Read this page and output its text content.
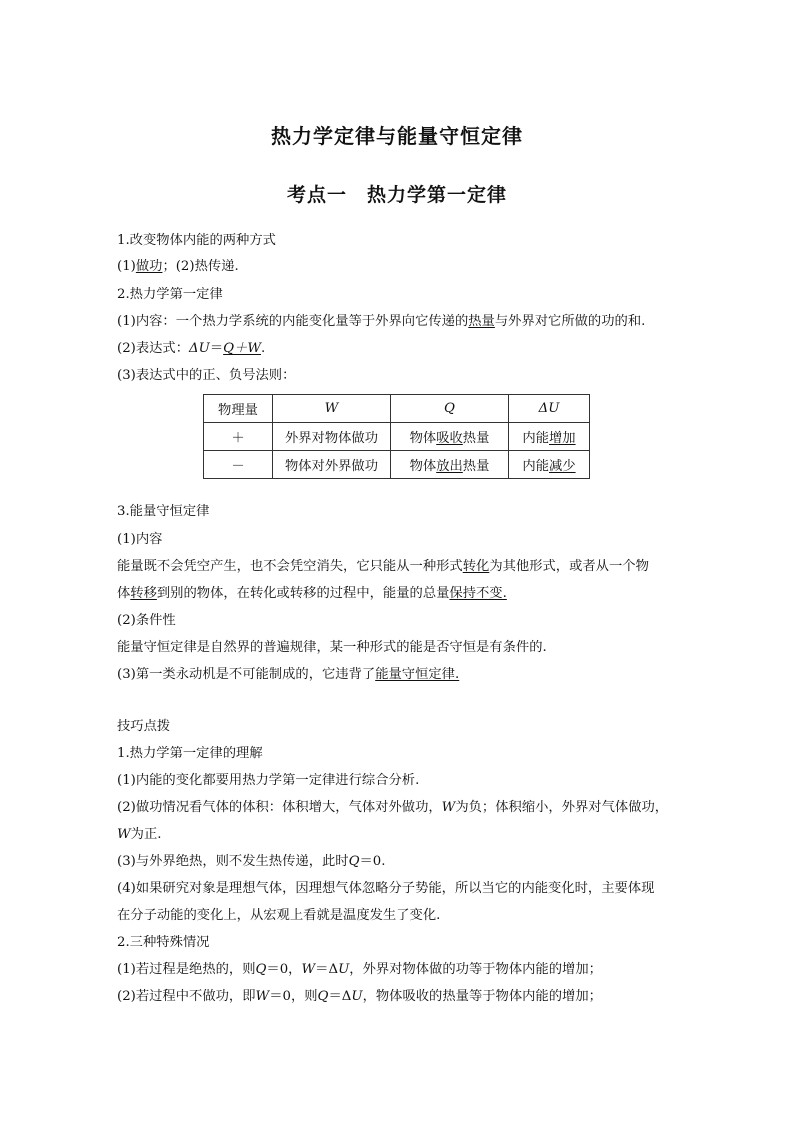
热力学定律与能量守恒定律
考点一　热力学第一定律
1.改变物体内能的两种方式
(1)做功；(2)热传递.
2.热力学第一定律
(1)内容：一个热力学系统的内能变化量等于外界向它传递的热量与外界对它所做的功的和.
(2)表达式：ΔU＝Q＋W.
(3)表达式中的正、负号法则：
物理量	W	Q	ΔU
＋	外界对物体做功	物体吸收热量	内能增加
－	物体对外界做功	物体放出热量	内能减少
3.能量守恒定律
(1)内容
能量既不会凭空产生，也不会凭空消失，它只能从一种形式转化为其他形式，或者从一个物
体转移到别的物体，在转化或转移的过程中，能量的总量保持不变.
(2)条件性
能量守恒定律是自然界的普遍规律，某一种形式的能是否守恒是有条件的.
(3)第一类永动机是不可能制成的，它违背了能量守恒定律.
技巧点拨
1.热力学第一定律的理解
(1)内能的变化都要用热力学第一定律进行综合分析.
(2)做功情况看气体的体积：体积增大，气体对外做功，W为负；体积缩小，外界对气体做功，
W为正.
(3)与外界绝热，则不发生热传递，此时Q＝0.
(4)如果研究对象是理想气体，因理想气体忽略分子势能，所以当它的内能变化时，主要体现
在分子动能的变化上，从宏观上看就是温度发生了变化.
2.三种特殊情况
(1)若过程是绝热的，则Q＝0，W＝ΔU，外界对物体做的功等于物体内能的增加；
(2)若过程中不做功，即W＝0，则Q＝ΔU，物体吸收的热量等于物体内能的增加；
